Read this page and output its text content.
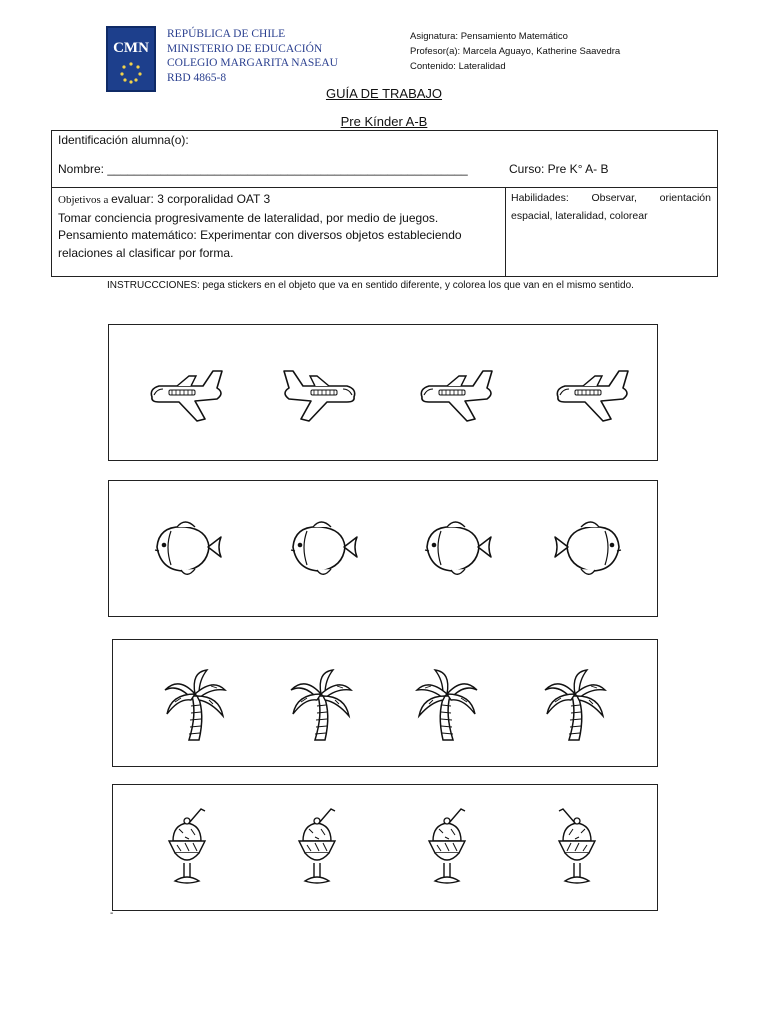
CMN
REPÚBLICA DE CHILE
MINISTERIO DE EDUCACIÓN
COLEGIO MARGARITA NASEAU
RBD 4865-8
Asignatura: Pensamiento Matemático
Profesor(a): Marcela Aguayo, Katherine Saavedra
Contenido: Lateralidad
GUÍA DE TRABAJO
Pre Kínder A-B
Identificación alumna(o):
Nombre: ______________________________________________________	Curso: Pre K° A- B
Objetivos a evaluar: 3 corporalidad OAT 3
Tomar conciencia progresivamente de lateralidad, por medio de juegos.
Pensamiento matemático: Experimentar con diversos objetos estableciendo relaciones al clasificar por forma.
Habilidades: Observar, orientación espacial, lateralidad, colorear
INSTRUCCCIONES: pega stickers en el objeto que va en sentido diferente, y colorea los que van en el mismo sentido.
-
